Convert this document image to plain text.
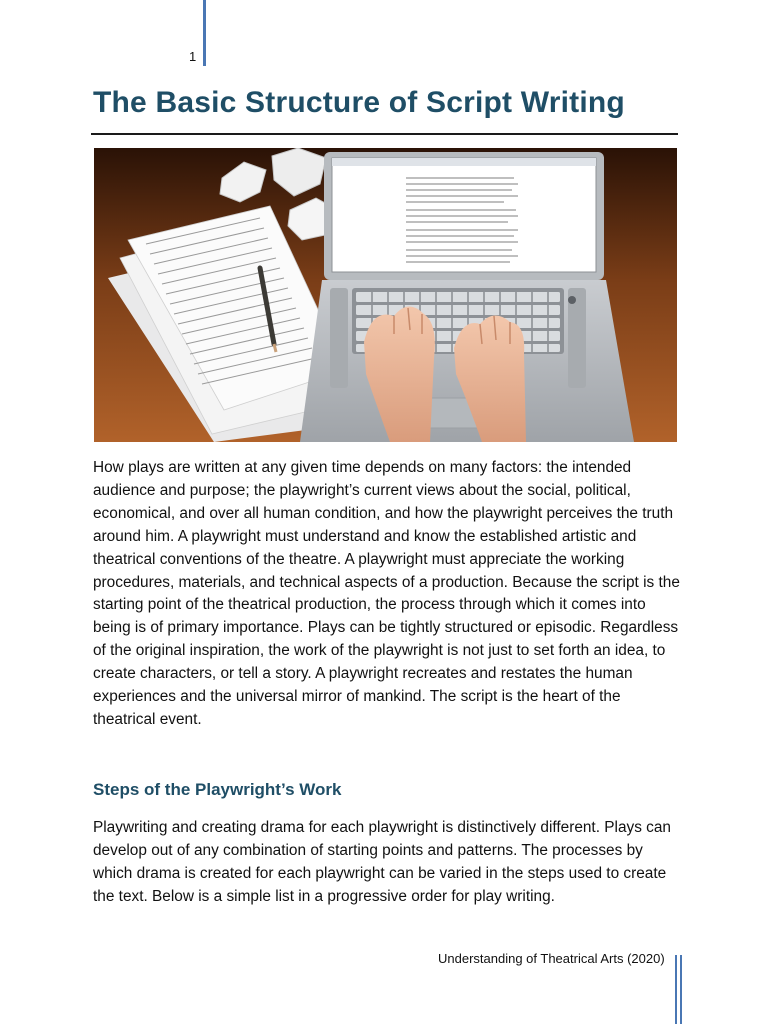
1
The Basic Structure of Script Writing

How plays are written at any given time depends on many factors: the intended audience and purpose; the playwright’s current views about the social, political, economical, and over all human condition, and how the playwright perceives the truth around him. A playwright must understand and know the established artistic and theatrical conventions of the theatre. A playwright must appreciate the working procedures, materials, and technical aspects of a production. Because the script is the starting point of the theatrical production, the process through which it comes into being is of primary importance. Plays can be tightly structured or episodic. Regardless of the original inspiration, the work of the playwright is not just to set forth an idea, to create characters, or tell a story. A playwright recreates and restates the human experiences and the universal mirror of mankind. The script is the heart of the theatrical event.

Steps of the Playwright’s Work

Playwriting and creating drama for each playwright is distinctively different. Plays can develop out of any combination of starting points and patterns. The processes by which drama is created for each playwright can be varied in the steps used to create the text. Below is a simple list in a progressive order for play writing.

Understanding of Theatrical Arts (2020)
